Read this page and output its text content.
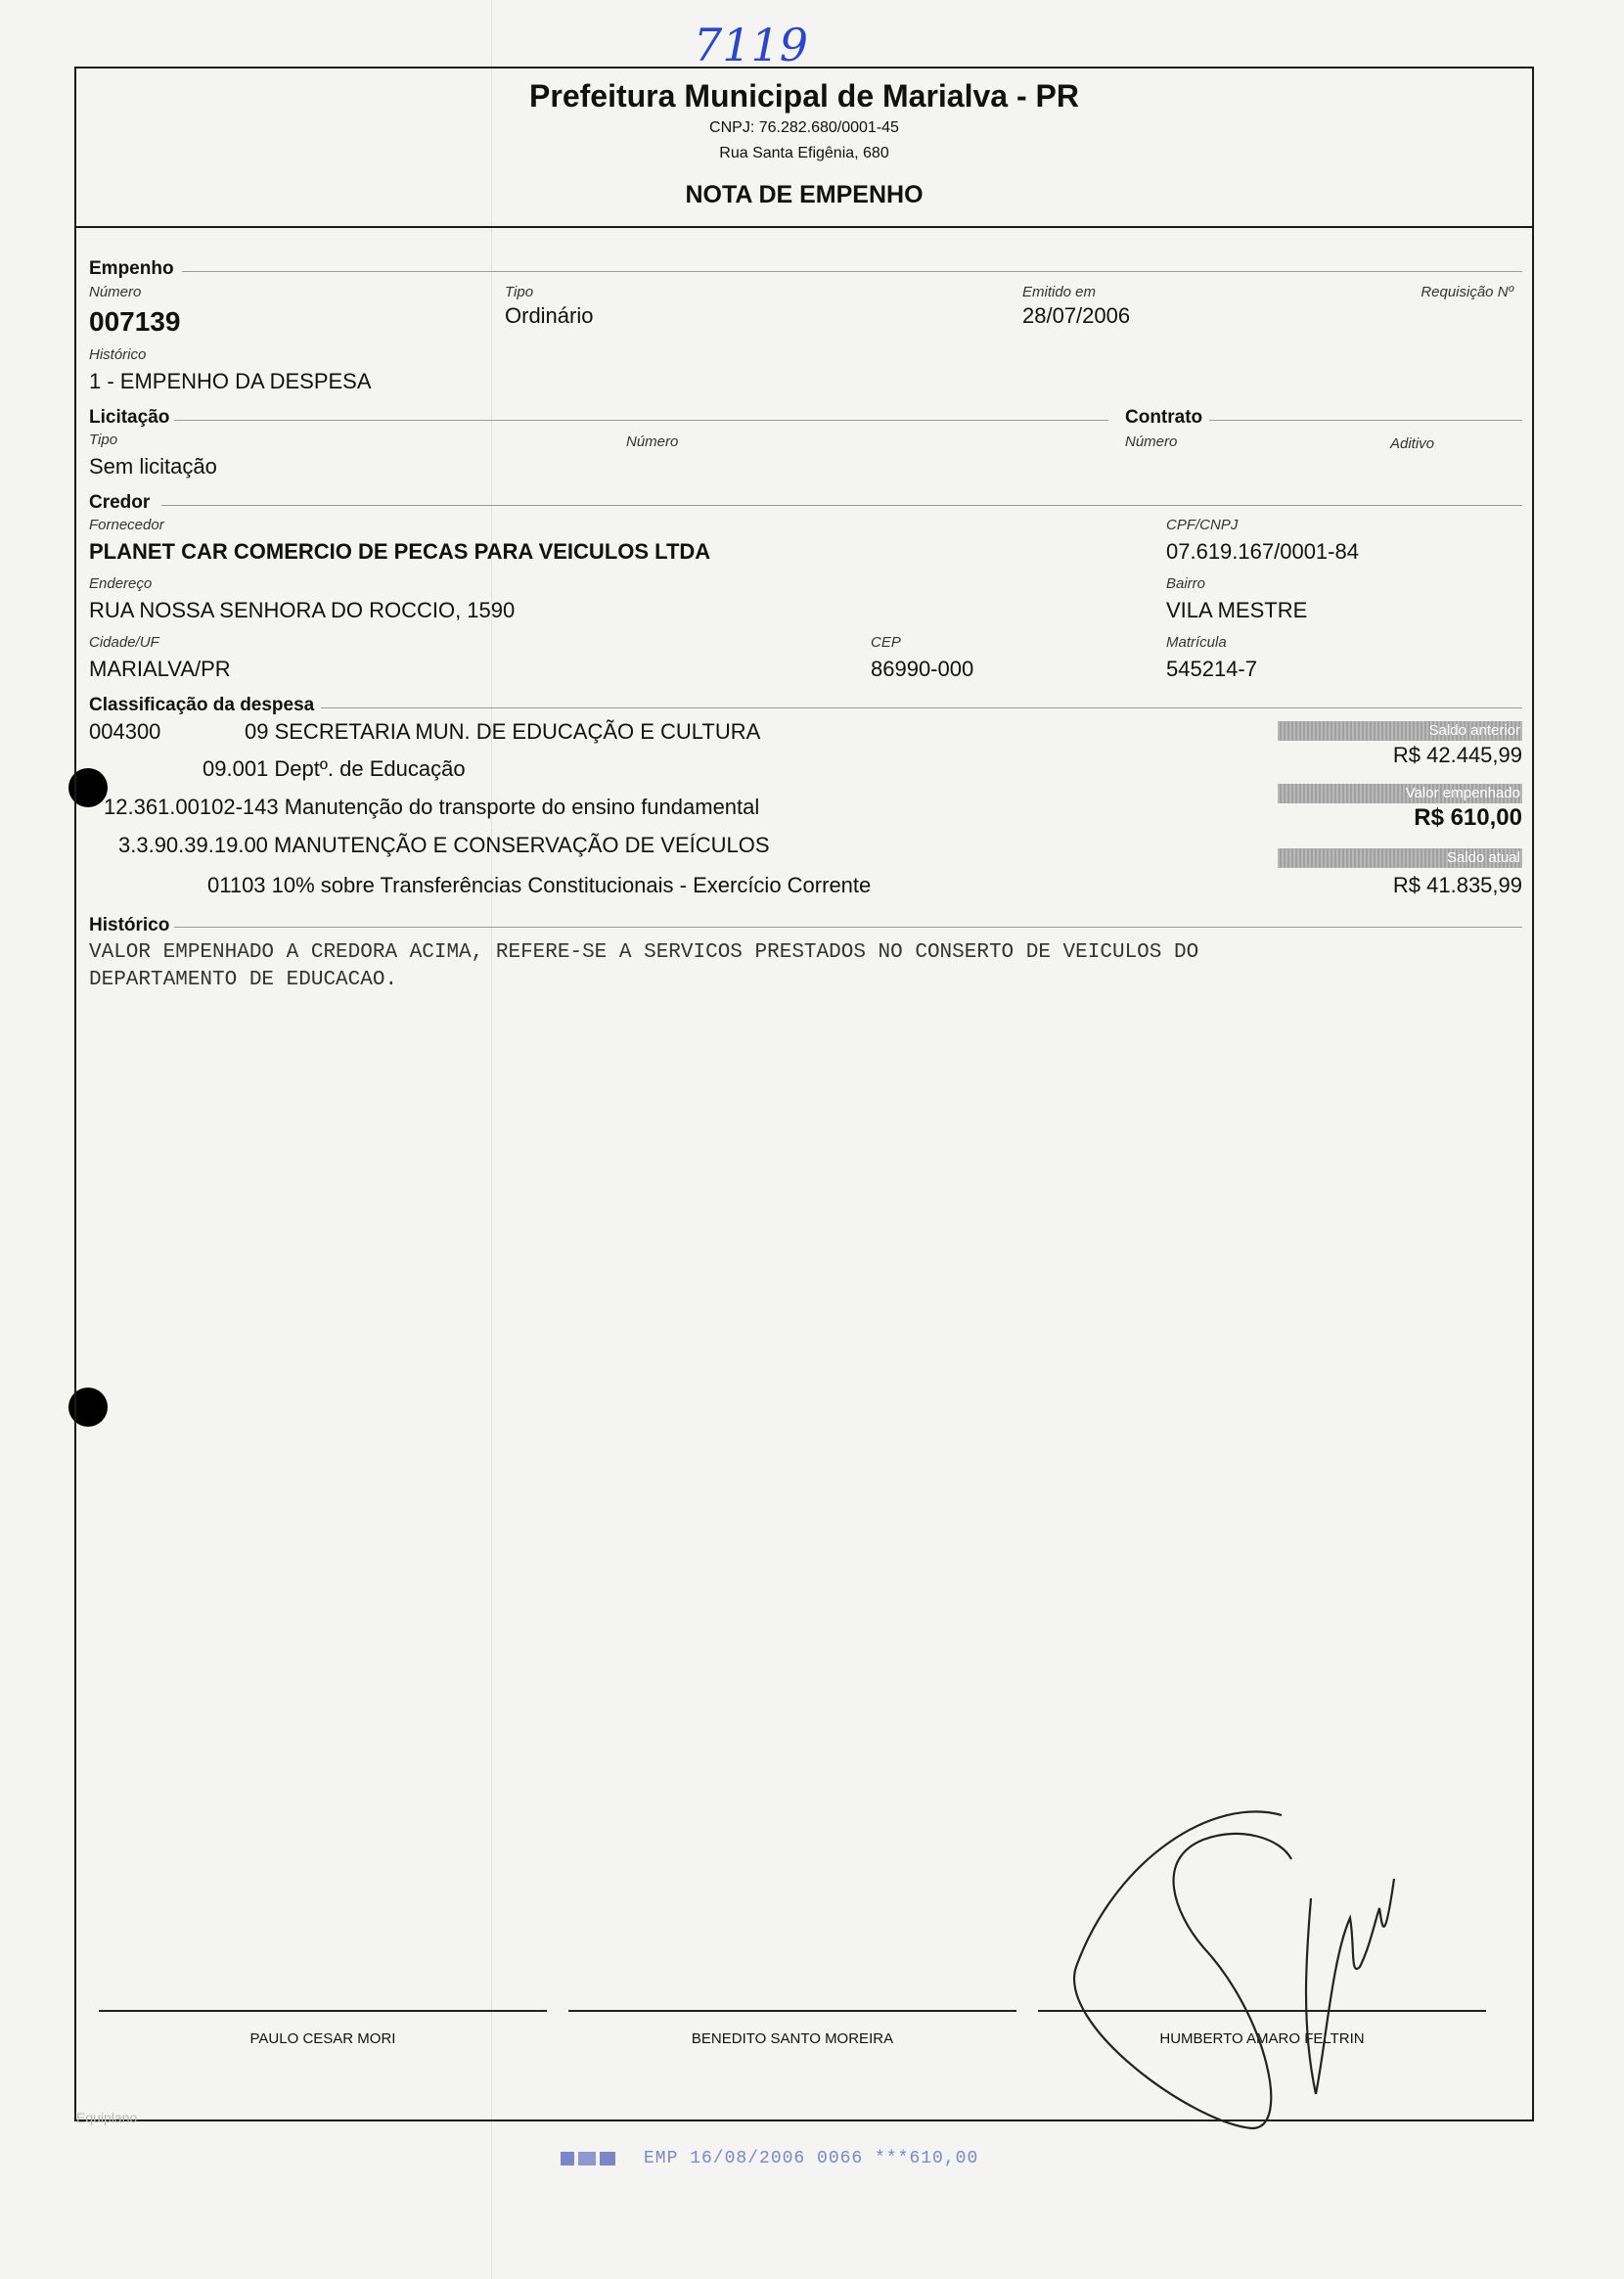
7119
Prefeitura Municipal de Marialva - PR
CNPJ: 76.282.680/0001-45
Rua Santa Efigênia, 680
NOTA DE EMPENHO
Empenho
Número
007139
Tipo
Ordinário
Emitido em
28/07/2006
Requisição Nº
Histórico
1 - EMPENHO DA DESPESA
Licitação	Contrato
Tipo
Sem licitação
Número	Número	Aditivo
Credor
Fornecedor
PLANET CAR COMERCIO DE PECAS PARA VEICULOS LTDA
CPF/CNPJ
07.619.167/0001-84
Endereço
RUA NOSSA SENHORA DO ROCCIO, 1590
Bairro
VILA MESTRE
Cidade/UF
MARIALVA/PR
CEP
86990-000
Matrícula
545214-7
Classificação da despesa
004300	09 SECRETARIA MUN. DE EDUCAÇÃO E CULTURA
09.001 Deptº. de Educação
12.361.00102-143 Manutenção do transporte do ensino fundamental
3.3.90.39.19.00 MANUTENÇÃO E CONSERVAÇÃO DE VEÍCULOS
01103 10% sobre Transferências Constitucionais - Exercício Corrente
Saldo anterior
R$ 42.445,99
Valor empenhado
R$ 610,00
Saldo atual
R$ 41.835,99
Histórico
VALOR EMPENHADO A CREDORA ACIMA, REFERE-SE A SERVICOS PRESTADOS NO CONSERTO DE VEICULOS DO
DEPARTAMENTO DE EDUCACAO.
PAULO CESAR MORI	BENEDITO SANTO MOREIRA	HUMBERTO AMARO FELTRIN
Equiplano
EMP 16/08/2006 0066 ***610,00
